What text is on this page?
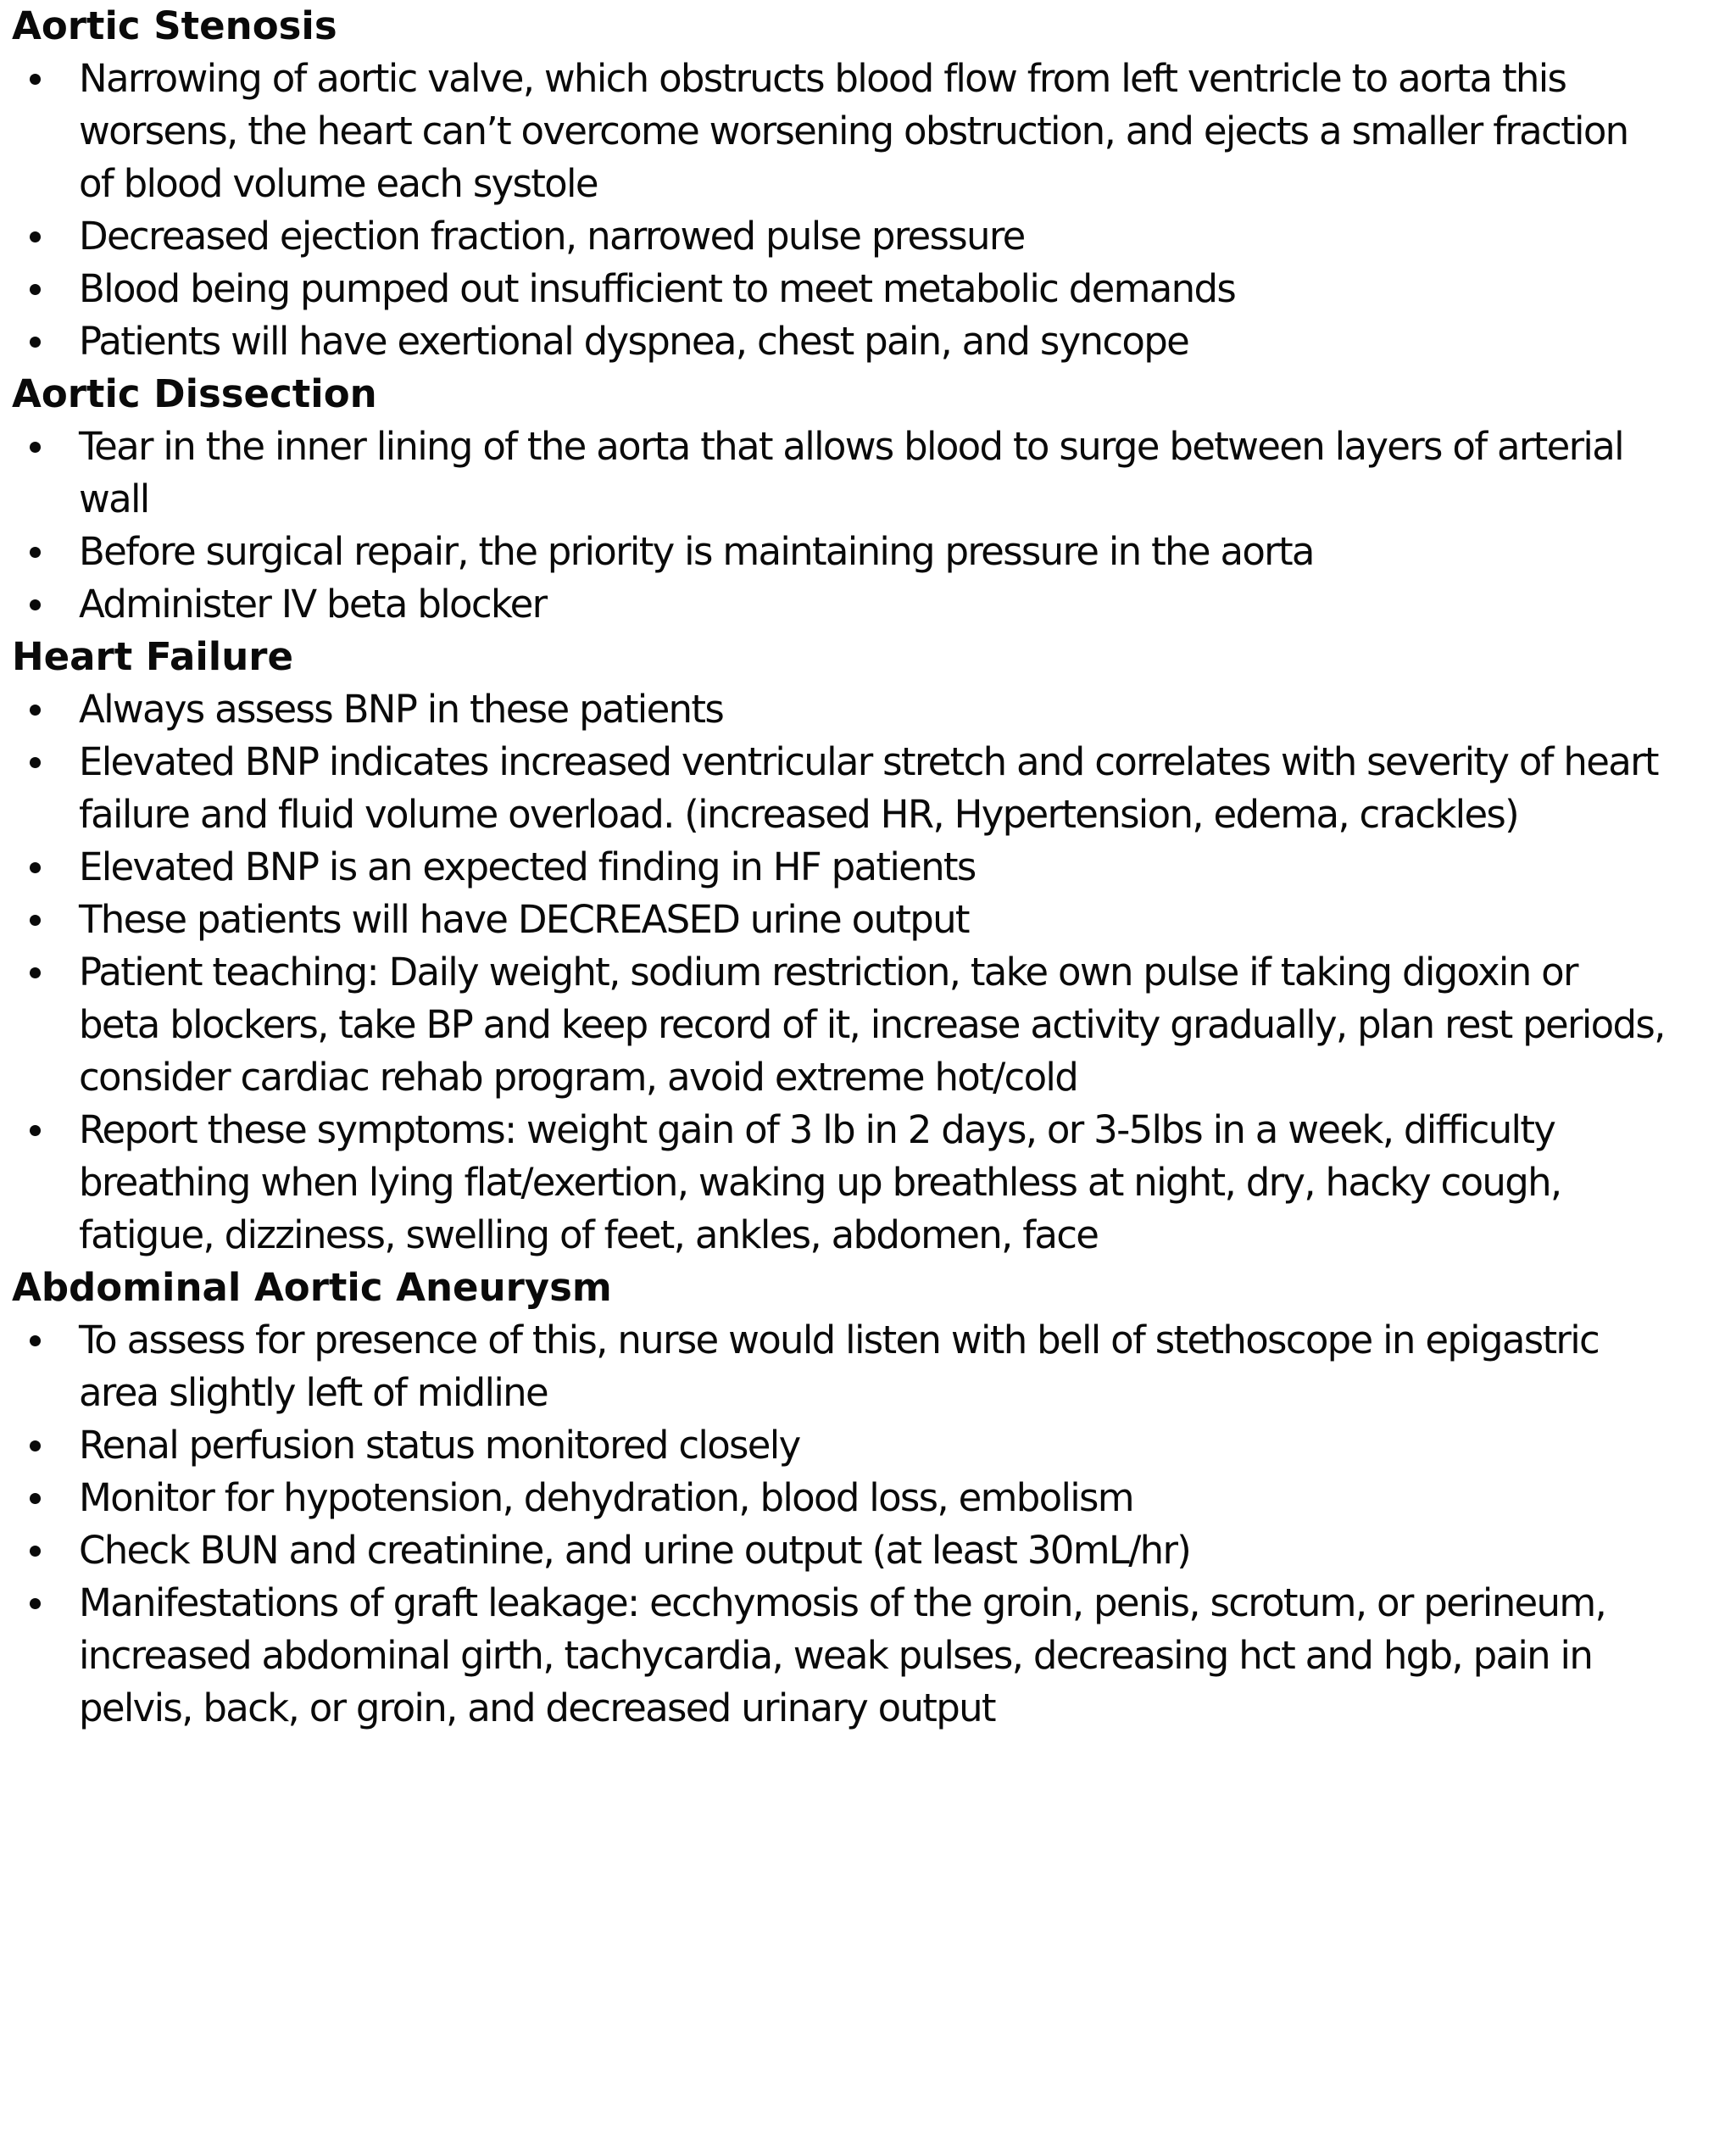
Aortic Stenosis
Narrowing of aortic valve, which obstructs blood flow from left ventricle to aorta this
worsens, the heart can’t overcome worsening obstruction, and ejects a smaller fraction
of blood volume each systole
Decreased ejection fraction, narrowed pulse pressure
Blood being pumped out insufficient to meet metabolic demands
Patients will have exertional dyspnea, chest pain, and syncope
Aortic Dissection
Tear in the inner lining of the aorta that allows blood to surge between layers of arterial
wall
Before surgical repair, the priority is maintaining pressure in the aorta
Administer IV beta blocker
Heart Failure
Always assess BNP in these patients
Elevated BNP indicates increased ventricular stretch and correlates with severity of heart
failure and fluid volume overload. (increased HR, Hypertension, edema, crackles)
Elevated BNP is an expected finding in HF patients
These patients will have DECREASED urine output
Patient teaching: Daily weight, sodium restriction, take own pulse if taking digoxin or
beta blockers, take BP and keep record of it, increase activity gradually, plan rest periods,
consider cardiac rehab program, avoid extreme hot/cold
Report these symptoms: weight gain of 3 lb in 2 days, or 3-5lbs in a week, difficulty
breathing when lying flat/exertion, waking up breathless at night, dry, hacky cough,
fatigue, dizziness, swelling of feet, ankles, abdomen, face
Abdominal Aortic Aneurysm
To assess for presence of this, nurse would listen with bell of stethoscope in epigastric
area slightly left of midline
Renal perfusion status monitored closely
Monitor for hypotension, dehydration, blood loss, embolism
Check BUN and creatinine, and urine output (at least 30mL/hr)
Manifestations of graft leakage: ecchymosis of the groin, penis, scrotum, or perineum,
increased abdominal girth, tachycardia, weak pulses, decreasing hct and hgb, pain in
pelvis, back, or groin, and decreased urinary output
